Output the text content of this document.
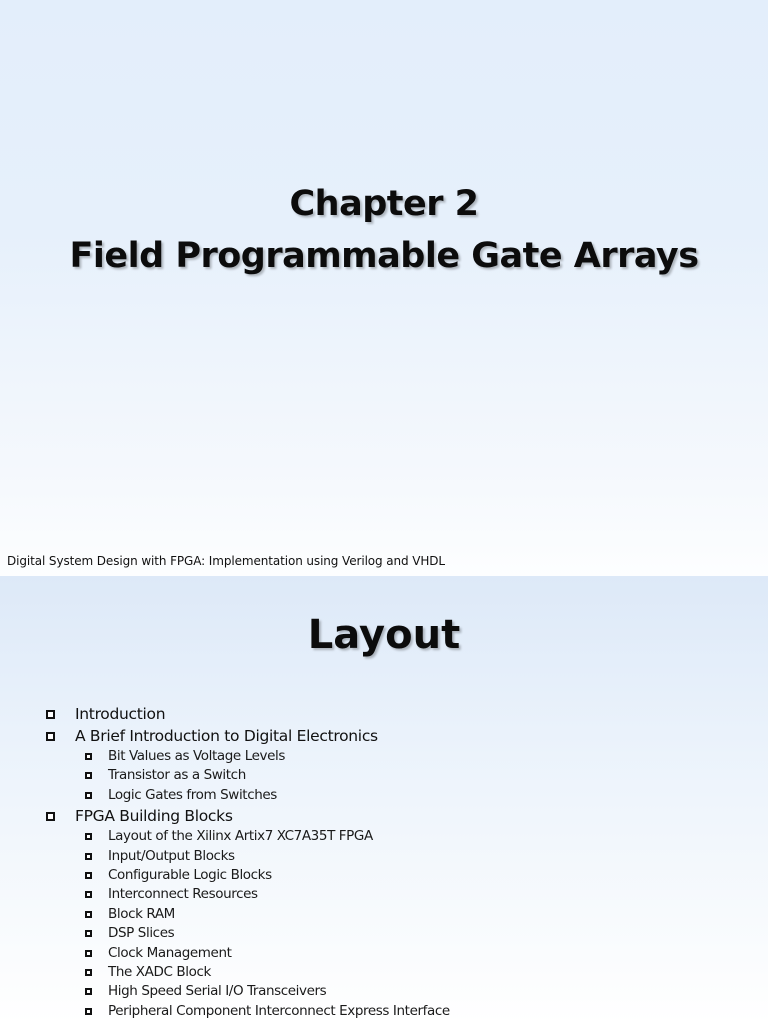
Chapter 2
Field Programmable Gate Arrays
Digital System Design with FPGA: Implementation using Verilog and VHDL
Layout
Introduction
A Brief Introduction to Digital Electronics
Bit Values as Voltage Levels
Transistor as a Switch
Logic Gates from Switches
FPGA Building Blocks
Layout of the Xilinx Artix7 XC7A35T FPGA
Input/Output Blocks
Configurable Logic Blocks
Interconnect Resources
Block RAM
DSP Slices
Clock Management
The XADC Block
High Speed Serial I/O Transceivers
Peripheral Component Interconnect Express Interface
